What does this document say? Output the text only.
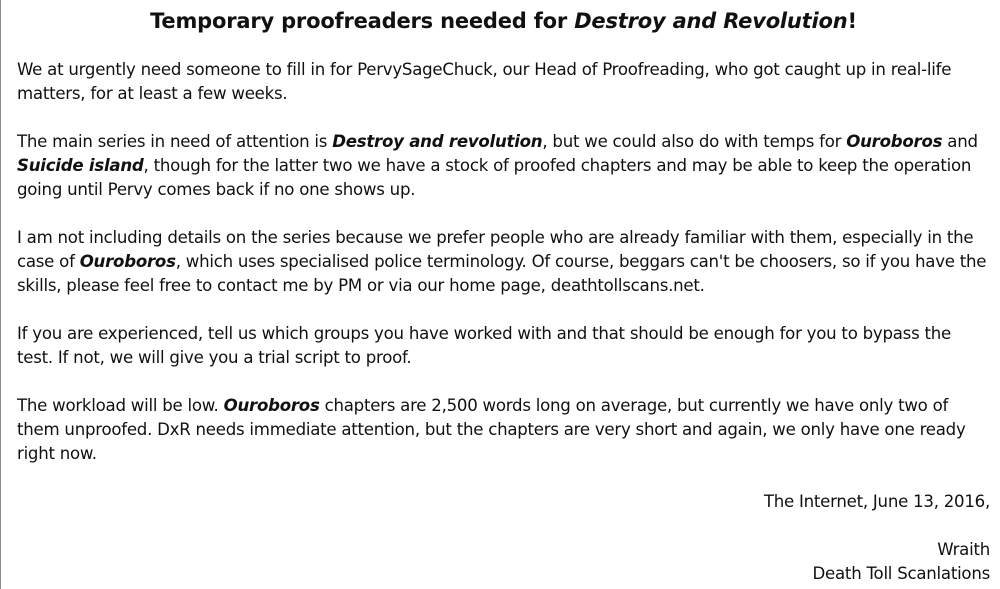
Temporary proofreaders needed for Destroy and Revolution!

We at urgently need someone to fill in for PervySageChuck, our Head of Proofreading, who got caught up in real-life matters, for at least a few weeks.

The main series in need of attention is Destroy and revolution, but we could also do with temps for Ouroboros and Suicide island, though for the latter two we have a stock of proofed chapters and may be able to keep the operation going until Pervy comes back if no one shows up.

I am not including details on the series because we prefer people who are already familiar with them, especially in the case of Ouroboros, which uses specialised police terminology. Of course, beggars can't be choosers, so if you have the skills, please feel free to contact me by PM or via our home page, deathtollscans.net.

If you are experienced, tell us which groups you have worked with and that should be enough for you to bypass the test. If not, we will give you a trial script to proof.

The workload will be low. Ouroboros chapters are 2,500 words long on average, but currently we have only two of them unproofed. DxR needs immediate attention, but the chapters are very short and again, we only have one ready right now.

The Internet, June 13, 2016,

Wraith

Death Toll Scanlations
